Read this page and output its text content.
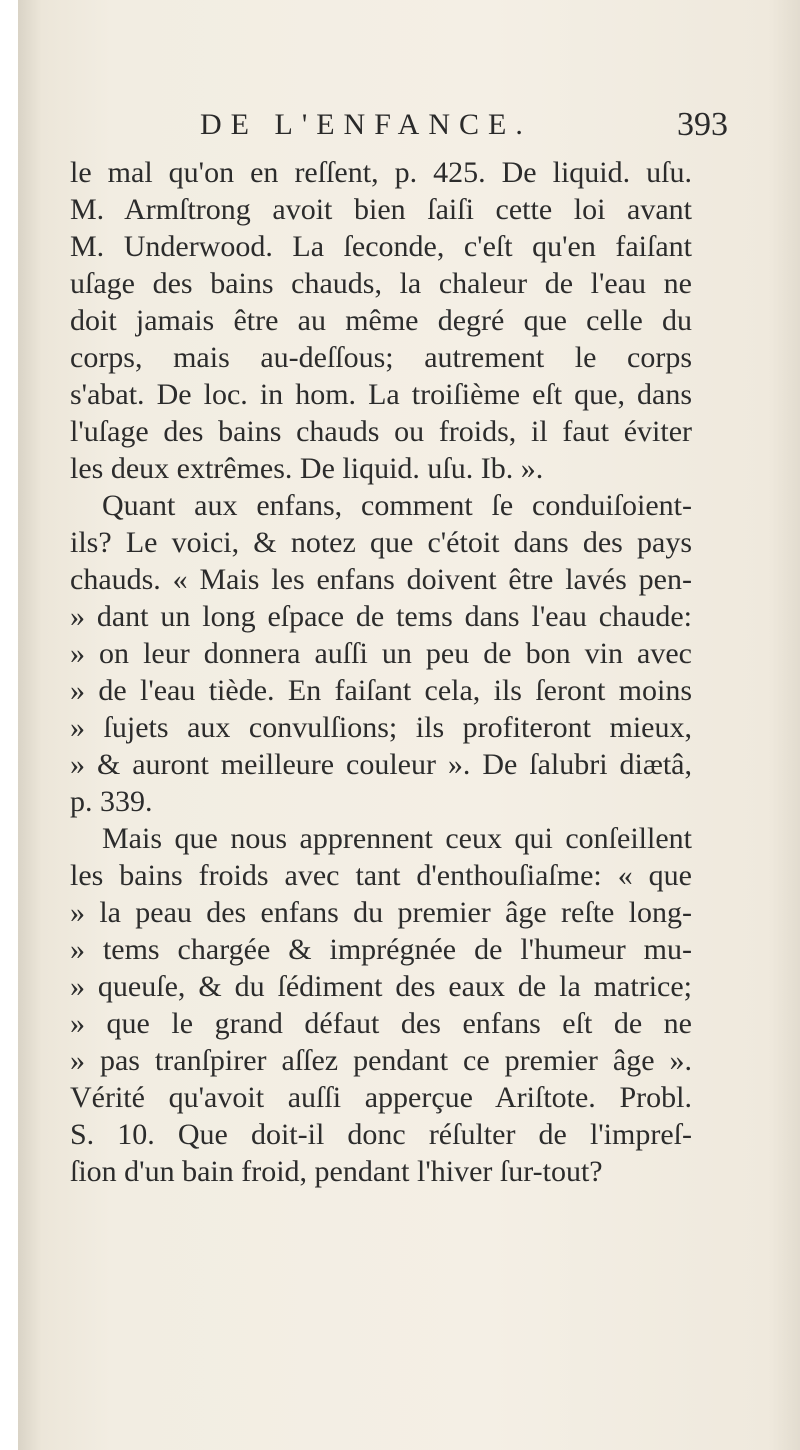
DE L'ENFANCE.	393
le mal qu'on en reſſent, p. 425. De liquid. uſu.
M. Armſtrong avoit bien ſaiſi cette loi avant
M. Underwood. La ſeconde, c'eſt qu'en faiſant
uſage des bains chauds, la chaleur de l'eau ne
doit jamais être au même degré que celle du
corps, mais au-deſſous; autrement le corps
s'abat. De loc. in hom. La troiſième eſt que, dans
l'uſage des bains chauds ou froids, il faut éviter
les deux extrêmes. De liquid. uſu. Ib. ».
Quant aux enfans, comment ſe conduiſoient-
ils? Le voici, & notez que c'étoit dans des pays
chauds. « Mais les enfans doivent être lavés pen-
» dant un long eſpace de tems dans l'eau chaude:
» on leur donnera auſſi un peu de bon vin avec
» de l'eau tiède. En faiſant cela, ils ſeront moins
» ſujets aux convulſions; ils profiteront mieux,
» & auront meilleure couleur ». De ſalubri diætâ,
p. 339.
Mais que nous apprennent ceux qui conſeillent
les bains froids avec tant d'enthouſiaſme: « que
» la peau des enfans du premier âge reſte long-
» tems chargée & imprégnée de l'humeur mu-
» queuſe, & du ſédiment des eaux de la matrice;
» que le grand défaut des enfans eſt de ne
» pas tranſpirer aſſez pendant ce premier âge ».
Vérité qu'avoit auſſi apperçue Ariſtote. Probl.
S. 10. Que doit-il donc réſulter de l'impreſ-
ſion d'un bain froid, pendant l'hiver ſur-tout?
